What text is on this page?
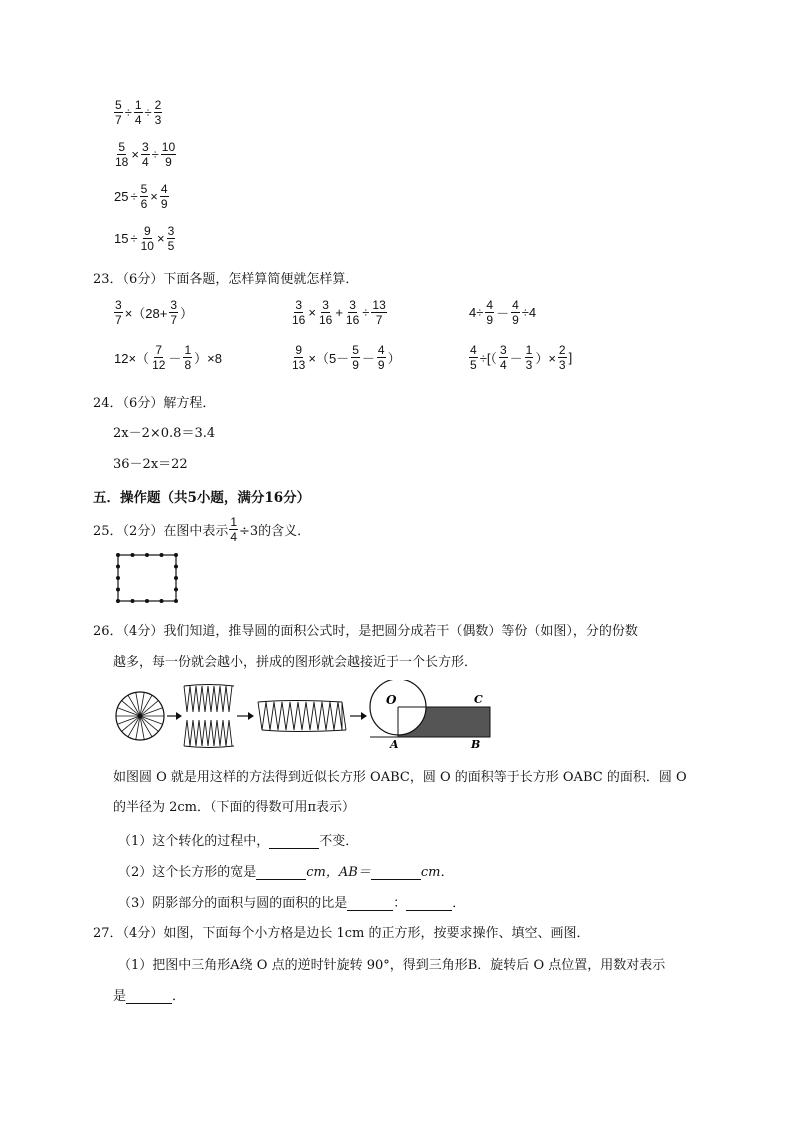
$\frac{5}{7} \div \frac{1}{4} \div \frac{2}{3}$
$\frac{5}{18} \times \frac{3}{4} \div \frac{10}{9}$
$25 \div \frac{5}{6} \times \frac{4}{9}$
$15 \div \frac{9}{10} \times \frac{3}{5}$
23．（6分）下面各题，怎样算简便就怎样算．
$\frac{3}{7} \times(28+ \frac{3}{7}$ ）	$\frac{3}{16} \times \frac{3}{16} + \frac{3}{16} \div \frac{13}{7}$	$4\div \frac{4}{9} - \frac{4}{9} \div 4$
$12\times( \frac{7}{12} - \frac{1}{8} )\times 8$	$\frac{9}{13} \times(5- \frac{5}{9} - \frac{4}{9}$ ）	$\frac{4}{5}$ ÷[（ $\frac{3}{4} - \frac{1}{3}$ ）× $\frac{2}{3}$ ]
24．（6分）解方程．
2x－2×0.8＝3.4
36－2x＝22
五．操作题（共5小题，满分16分）
25．（2分）在图中表示 $\frac{1}{4} \div 3$的含义．
26．（4分）我们知道，推导圆的面积公式时，是把圆分成若干（偶数）等份（如图），分的份数
越多，每一份就会越小，拼成的图形就会越接近于一个长方形．
O
A	B
C
如图圆 O 就是用这样的方法得到近似长方形 OABC，圆 O 的面积等于长方形 OABC 的面积．圆 O
的半径为 2cm．（下面的得数可用π表示）
（1）这个转化的过程中，	不变．
（2）这个长方形的宽是	cm，AB＝	cm．
（3）阴影部分的面积与圆的面积的比是	：	．
27．（4分）如图，下面每个小方格是边长 1cm 的正方形，按要求操作、填空、画图．
（1）把图中三角形A绕 O 点的逆时针旋转 90°，得到三角形B．旋转后 O 点位置，用数对表示
是	．
